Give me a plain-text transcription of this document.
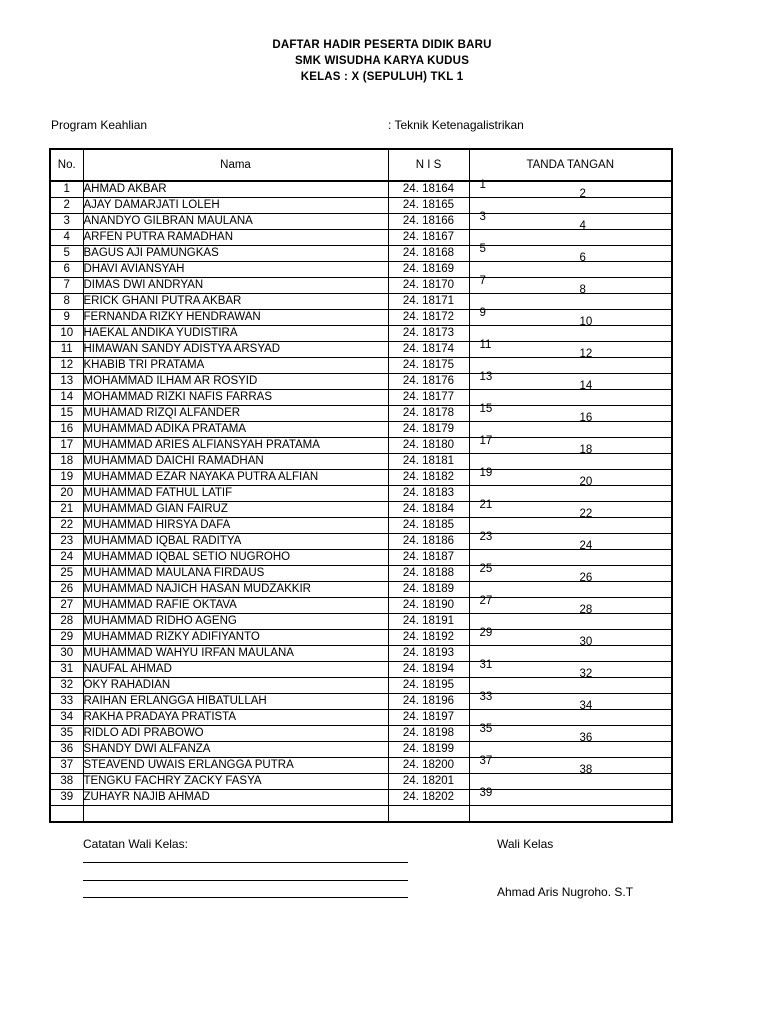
DAFTAR HADIR PESERTA DIDIK BARU
SMK WISUDHA KARYA KUDUS
KELAS : X (SEPULUH) TKL 1
Program Keahlian	: Teknik Ketenagalistrikan
No.	Nama	N I S	TANDA TANGAN
1	AHMAD AKBAR	24. 18164	1

2	AJAY DAMARJATI LOLEH	24. 18165	2

3	ANANDYO GILBRAN MAULANA	24. 18166	3

4	ARFEN PUTRA RAMADHAN	24. 18167	4

5	BAGUS AJI PAMUNGKAS	24. 18168	5

6	DHAVI AVIANSYAH	24. 18169	6

7	DIMAS DWI ANDRYAN	24. 18170	7

8	ERICK GHANI PUTRA AKBAR	24. 18171	8

9	FERNANDA RIZKY HENDRAWAN	24. 18172	9

10	HAEKAL ANDIKA YUDISTIRA	24. 18173	10

11	HIMAWAN SANDY ADISTYA ARSYAD	24. 18174	11

12	KHABIB TRI PRATAMA	24. 18175	12

13	MOHAMMAD ILHAM AR ROSYID	24. 18176	13

14	MOHAMMAD RIZKI NAFIS FARRAS	24. 18177	14

15	MUHAMAD RIZQI ALFANDER	24. 18178	15

16	MUHAMMAD ADIKA PRATAMA	24. 18179	16

17	MUHAMMAD ARIES ALFIANSYAH PRATAMA	24. 18180	17

18	MUHAMMAD DAICHI RAMADHAN	24. 18181	18

19	MUHAMMAD EZAR NAYAKA PUTRA ALFIAN	24. 18182	19

20	MUHAMMAD FATHUL LATIF	24. 18183	20

21	MUHAMMAD GIAN FAIRUZ	24. 18184	21

22	MUHAMMAD HIRSYA DAFA	24. 18185	22

23	MUHAMMAD IQBAL RADITYA	24. 18186	23

24	MUHAMMAD IQBAL SETIO NUGROHO	24. 18187	24

25	MUHAMMAD MAULANA FIRDAUS	24. 18188	25

26	MUHAMMAD NAJICH HASAN MUDZAKKIR	24. 18189	26

27	MUHAMMAD RAFIE OKTAVA	24. 18190	27

28	MUHAMMAD RIDHO AGENG	24. 18191	28

29	MUHAMMAD RIZKY ADIFIYANTO	24. 18192	29

30	MUHAMMAD WAHYU IRFAN MAULANA	24. 18193	30

31	NAUFAL AHMAD	24. 18194	31

32	OKY RAHADIAN	24. 18195	32

33	RAIHAN ERLANGGA HIBATULLAH	24. 18196	33

34	RAKHA PRADAYA PRATISTA	24. 18197	34

35	RIDLO ADI PRABOWO	24. 18198	35

36	SHANDY DWI ALFANZA	24. 18199	36

37	STEAVEND UWAIS ERLANGGA PUTRA	24. 18200	37

38	TENGKU FACHRY ZACKY FASYA	24. 18201	38

39	ZUHAYR NAJIB AHMAD	24. 18202	39

Catatan Wali Kelas:	Wali Kelas
Ahmad Aris Nugroho. S.T
